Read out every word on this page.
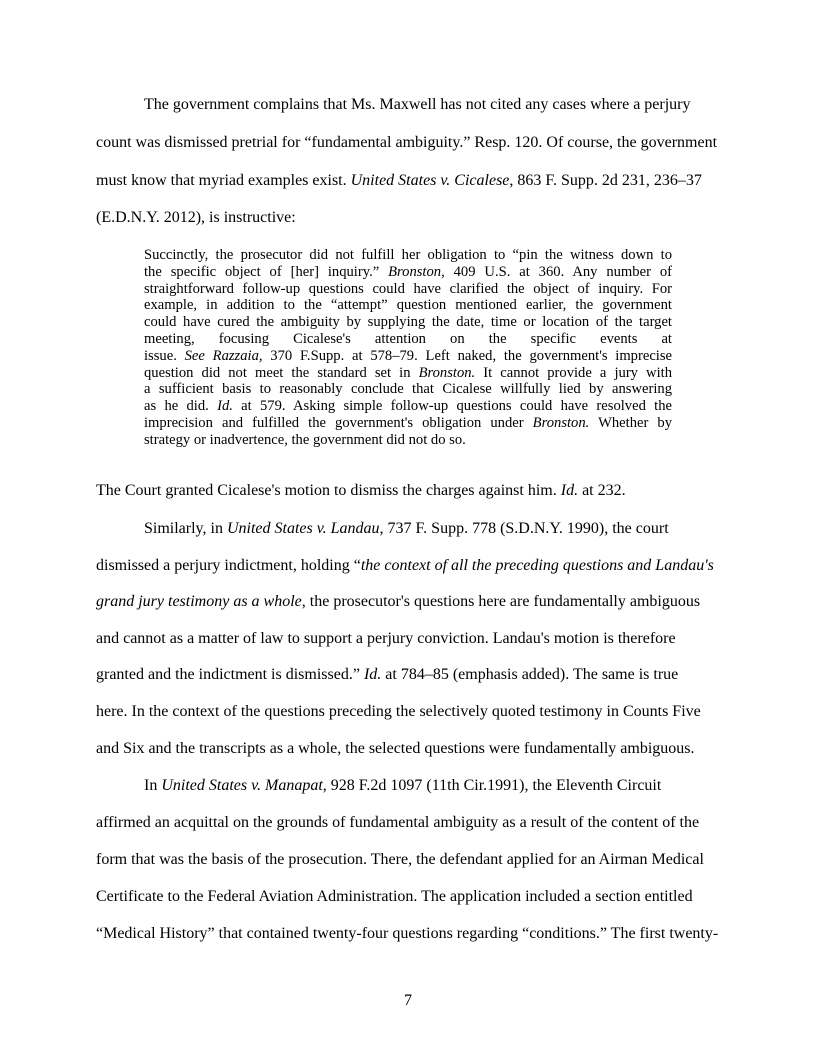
The government complains that Ms. Maxwell has not cited any cases where a perjury
count was dismissed pretrial for “fundamental ambiguity.” Resp. 120. Of course, the government
must know that myriad examples exist. United States v. Cicalese, 863 F. Supp. 2d 231, 236–37
(E.D.N.Y. 2012), is instructive:
Succinctly, the prosecutor did not fulfill her obligation to “pin the witness down to
the specific object of [her] inquiry.” Bronston, 409 U.S. at 360. Any number of
straightforward follow-up questions could have clarified the object of inquiry. For
example, in addition to the “attempt” question mentioned earlier, the government
could have cured the ambiguity by supplying the date, time or location of the target
meeting, focusing Cicalese's attention on the specific events at
issue. See Razzaia, 370 F.Supp. at 578–79. Left naked, the government's imprecise
question did not meet the standard set in Bronston. It cannot provide a jury with
a sufficient basis to reasonably conclude that Cicalese willfully lied by answering
as he did. Id. at 579. Asking simple follow-up questions could have resolved the
imprecision and fulfilled the government's obligation under Bronston. Whether by
strategy or inadvertence, the government did not do so.
The Court granted Cicalese's motion to dismiss the charges against him. Id. at 232.
Similarly, in United States v. Landau, 737 F. Supp. 778 (S.D.N.Y. 1990), the court
dismissed a perjury indictment, holding “the context of all the preceding questions and Landau's
grand jury testimony as a whole, the prosecutor's questions here are fundamentally ambiguous
and cannot as a matter of law to support a perjury conviction. Landau's motion is therefore
granted and the indictment is dismissed.” Id. at 784–85 (emphasis added). The same is true
here. In the context of the questions preceding the selectively quoted testimony in Counts Five
and Six and the transcripts as a whole, the selected questions were fundamentally ambiguous.
In United States v. Manapat, 928 F.2d 1097 (11th Cir.1991), the Eleventh Circuit
affirmed an acquittal on the grounds of fundamental ambiguity as a result of the content of the
form that was the basis of the prosecution. There, the defendant applied for an Airman Medical
Certificate to the Federal Aviation Administration. The application included a section entitled
“Medical History” that contained twenty-four questions regarding “conditions.” The first twenty-
7
